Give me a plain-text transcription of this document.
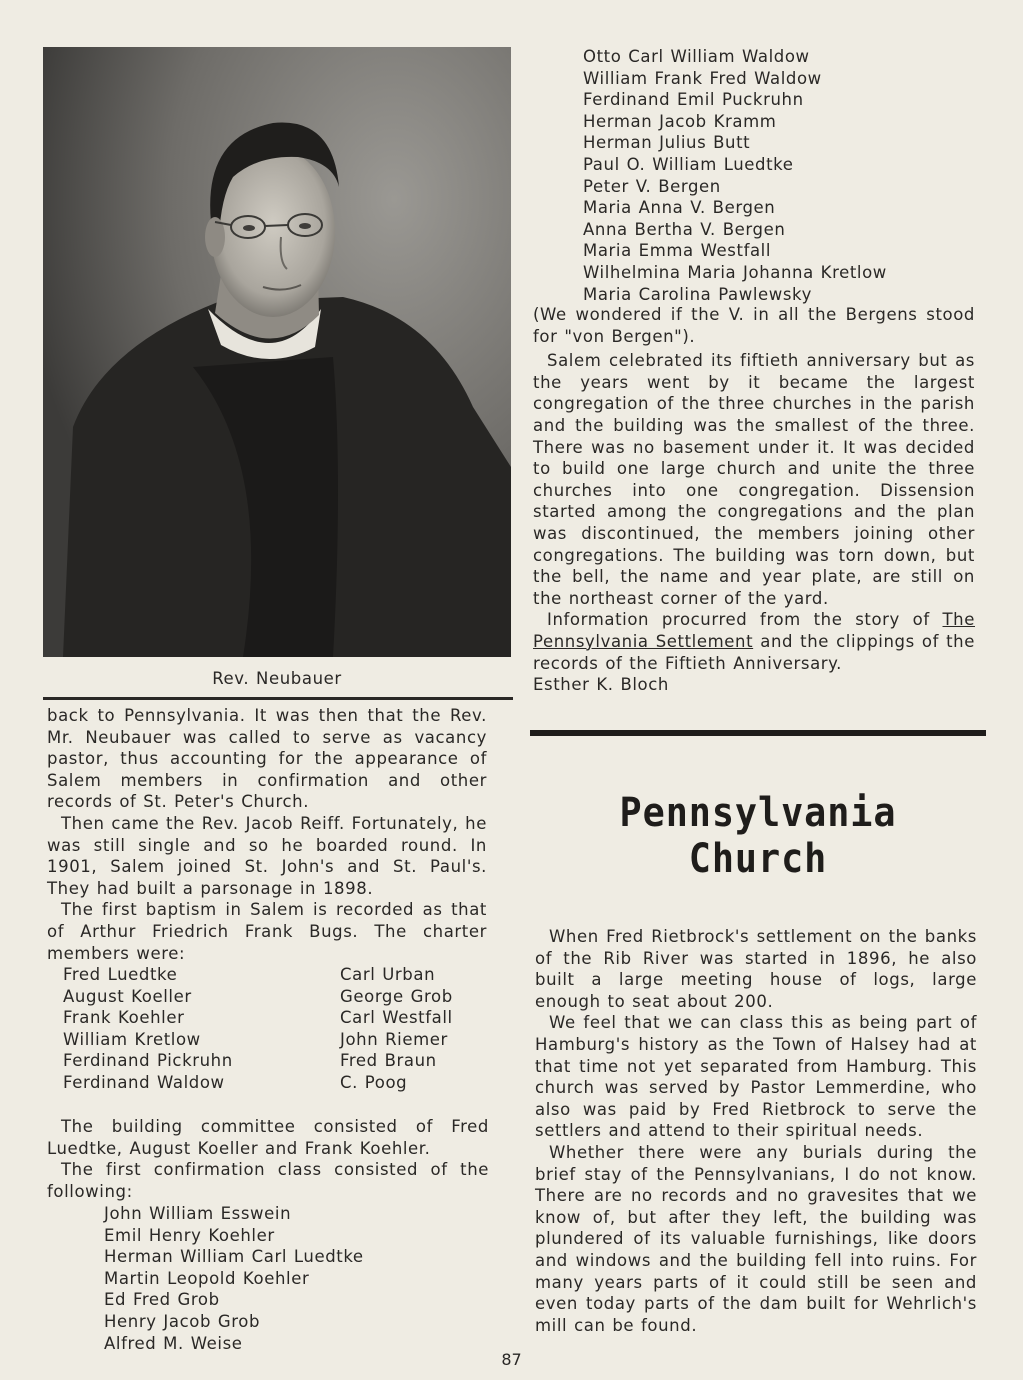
Rev. Neubauer

back to Pennsylvania. It was then that the Rev. Mr. Neubauer was called to serve as vacancy pastor, thus accounting for the appearance of Salem members in confirmation and other records of St. Peter's Church.

Then came the Rev. Jacob Reiff. Fortunately, he was still single and so he boarded round. In 1901, Salem joined St. John's and St. Paul's. They had built a parsonage in 1898.

The first baptism in Salem is recorded as that of Arthur Friedrich Frank Bugs. The charter members were:

Fred Luedtke
August Koeller
Frank Koehler
William Kretlow
Ferdinand Pickruhn
Ferdinand Waldow
Carl Urban
George Grob
Carl Westfall
John Riemer
Fred Braun
C. Poog

The building committee consisted of Fred Luedtke, August Koeller and Frank Koehler.

The first confirmation class consisted of the following:

John William Esswein
Emil Henry Koehler
Herman William Carl Luedtke
Martin Leopold Koehler
Ed Fred Grob
Henry Jacob Grob
Alfred M. Weise
Otto Carl William Waldow
William Frank Fred Waldow
Ferdinand Emil Puckruhn
Herman Jacob Kramm
Herman Julius Butt
Paul O. William Luedtke
Peter V. Bergen
Maria Anna V. Bergen
Anna Bertha V. Bergen
Maria Emma Westfall
Wilhelmina Maria Johanna Kretlow
Maria Carolina Pawlewsky

(We wondered if the V. in all the Bergens stood for "von Bergen").

Salem celebrated its fiftieth anniversary but as the years went by it became the largest congregation of the three churches in the parish and the building was the smallest of the three. There was no basement under it. It was decided to build one large church and unite the three churches into one congregation. Dissension started among the congregations and the plan was discontinued, the members joining other congregations. The building was torn down, but the bell, the name and year plate, are still on the northeast corner of the yard.

Information procurred from the story of The Pennsylvania Settlement and the clippings of the records of the Fiftieth Anniversary.

Esther K. Bloch

Pennsylvania Church

When Fred Rietbrock's settlement on the banks of the Rib River was started in 1896, he also built a large meeting house of logs, large enough to seat about 200.

We feel that we can class this as being part of Hamburg's history as the Town of Halsey had at that time not yet separated from Hamburg. This church was served by Pastor Lemmerdine, who also was paid by Fred Rietbrock to serve the settlers and attend to their spiritual needs.

Whether there were any burials during the brief stay of the Pennsylvanians, I do not know. There are no records and no gravesites that we know of, but after they left, the building was plundered of its valuable furnishings, like doors and windows and the building fell into ruins. For many years parts of it could still be seen and even today parts of the dam built for Wehrlich's mill can be found.

87
